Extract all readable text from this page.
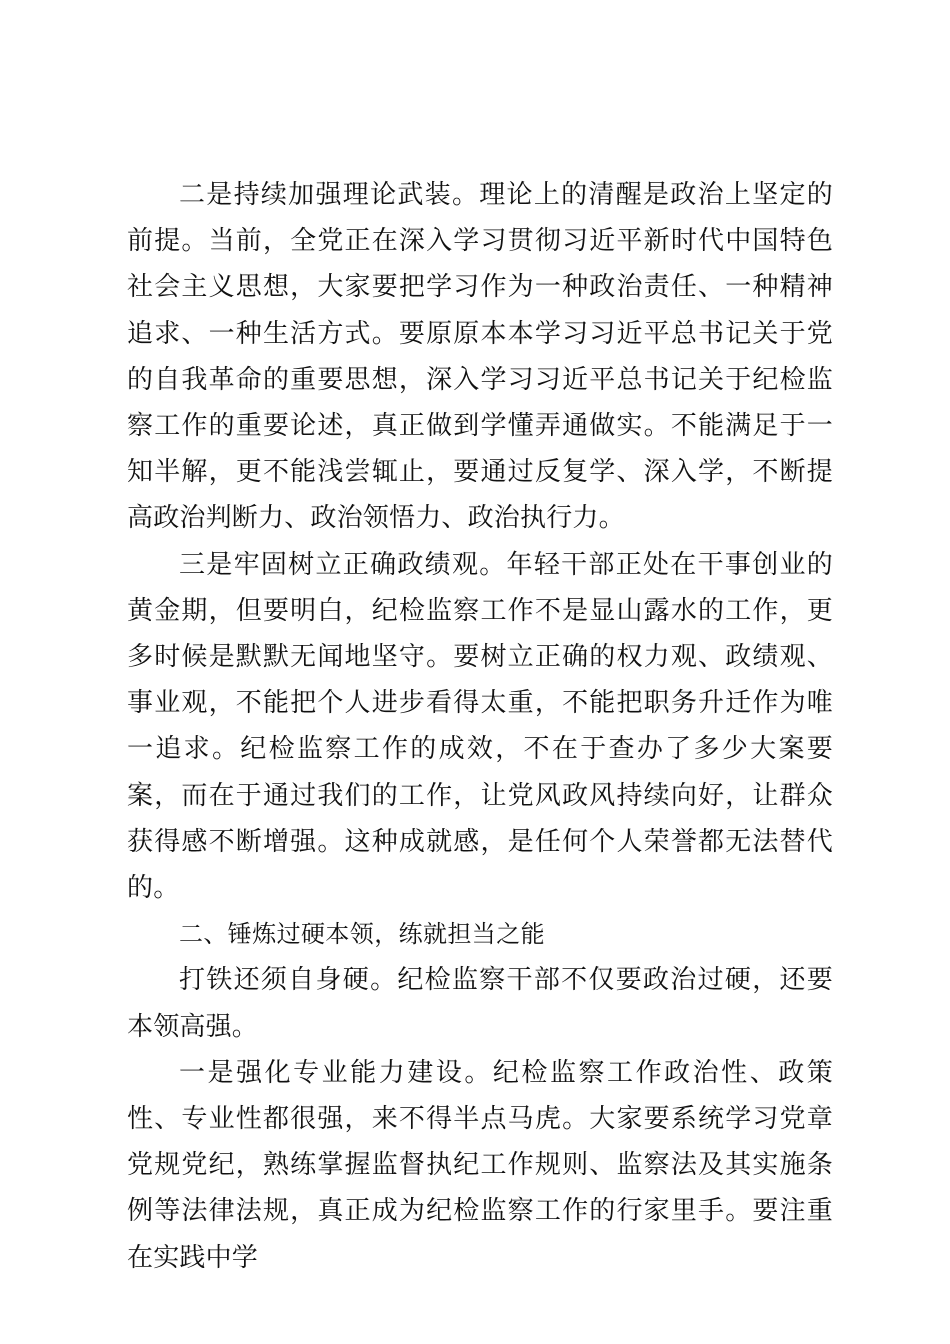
二是持续加强理论武装。理论上的清醒是政治上坚定的前提。当前，全党正在深入学习贯彻习近平新时代中国特色社会主义思想，大家要把学习作为一种政治责任、一种精神追求、一种生活方式。要原原本本学习习近平总书记关于党的自我革命的重要思想，深入学习习近平总书记关于纪检监察工作的重要论述，真正做到学懂弄通做实。不能满足于一知半解，更不能浅尝辄止，要通过反复学、深入学，不断提高政治判断力、政治领悟力、政治执行力。

三是牢固树立正确政绩观。年轻干部正处在干事创业的黄金期，但要明白，纪检监察工作不是显山露水的工作，更多时候是默默无闻地坚守。要树立正确的权力观、政绩观、事业观，不能把个人进步看得太重，不能把职务升迁作为唯一追求。纪检监察工作的成效，不在于查办了多少大案要案，而在于通过我们的工作，让党风政风持续向好，让群众获得感不断增强。这种成就感，是任何个人荣誉都无法替代的。

二、锤炼过硬本领，练就担当之能

打铁还须自身硬。纪检监察干部不仅要政治过硬，还要本领高强。

一是强化专业能力建设。纪检监察工作政治性、政策性、专业性都很强，来不得半点马虎。大家要系统学习党章党规党纪，熟练掌握监督执纪工作规则、监察法及其实施条例等法律法规，真正成为纪检监察工作的行家里手。要注重在实践中学
